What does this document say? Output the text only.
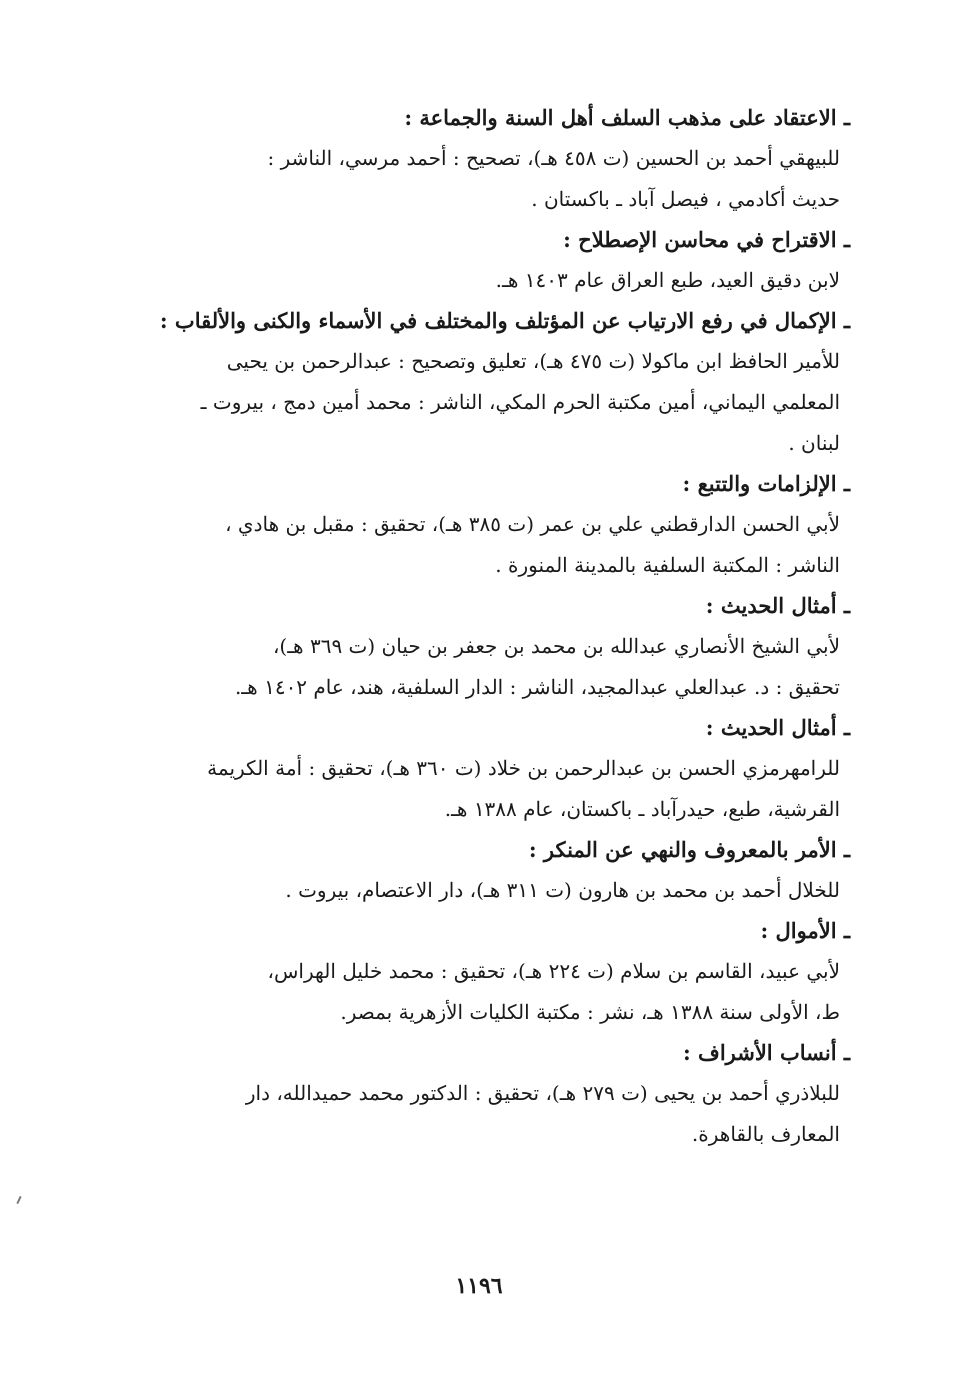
ـ الاعتقاد على مذهب السلف أهل السنة والجماعة :
للبيهقي أحمد بن الحسين (ت ٤٥٨ هـ)، تصحيح : أحمد مرسي، الناشر :
حديث أكادمي ، فيصل آباد ـ باكستان .
ـ الاقتراح في محاسن الإصطلاح :
لابن دقيق العيد، طبع العراق عام ١٤٠٣ هـ.
ـ الإكمال في رفع الارتياب عن المؤتلف والمختلف في الأسماء والكنى والألقاب :
للأمير الحافظ ابن ماكولا (ت ٤٧٥ هـ)، تعليق وتصحيح : عبدالرحمن بن يحيى
المعلمي اليماني، أمين مكتبة الحرم المكي، الناشر : محمد أمين دمج ، بيروت ـ
لبنان .
ـ الإلزامات والتتبع :
لأبي الحسن الدارقطني علي بن عمر (ت ٣٨٥ هـ)، تحقيق : مقبل بن هادي ،
الناشر : المكتبة السلفية بالمدينة المنورة .
ـ أمثال الحديث :
لأبي الشيخ الأنصاري عبدالله بن محمد بن جعفر بن حيان (ت ٣٦٩ هـ)،
تحقيق : د. عبدالعلي عبدالمجيد، الناشر : الدار السلفية، هند، عام ١٤٠٢ هـ.
ـ أمثال الحديث :
للرامهرمزي الحسن بن عبدالرحمن بن خلاد (ت ٣٦٠ هـ)، تحقيق : أمة الكريمة
القرشية، طبع، حيدرآباد ـ باكستان، عام ١٣٨٨ هـ.
ـ الأمر بالمعروف والنهي عن المنكر :
للخلال أحمد بن محمد بن هارون (ت ٣١١ هـ)، دار الاعتصام، بيروت .
ـ الأموال :
لأبي عبيد، القاسم بن سلام (ت ٢٢٤ هـ)، تحقيق : محمد خليل الهراس،
ط، الأولى سنة ١٣٨٨ هـ، نشر : مكتبة الكليات الأزهرية بمصر.
ـ أنساب الأشراف :
للبلاذري أحمد بن يحيى (ت ٢٧٩ هـ)، تحقيق : الدكتور محمد حميدالله، دار
المعارف بالقاهرة.
١١٩٦
